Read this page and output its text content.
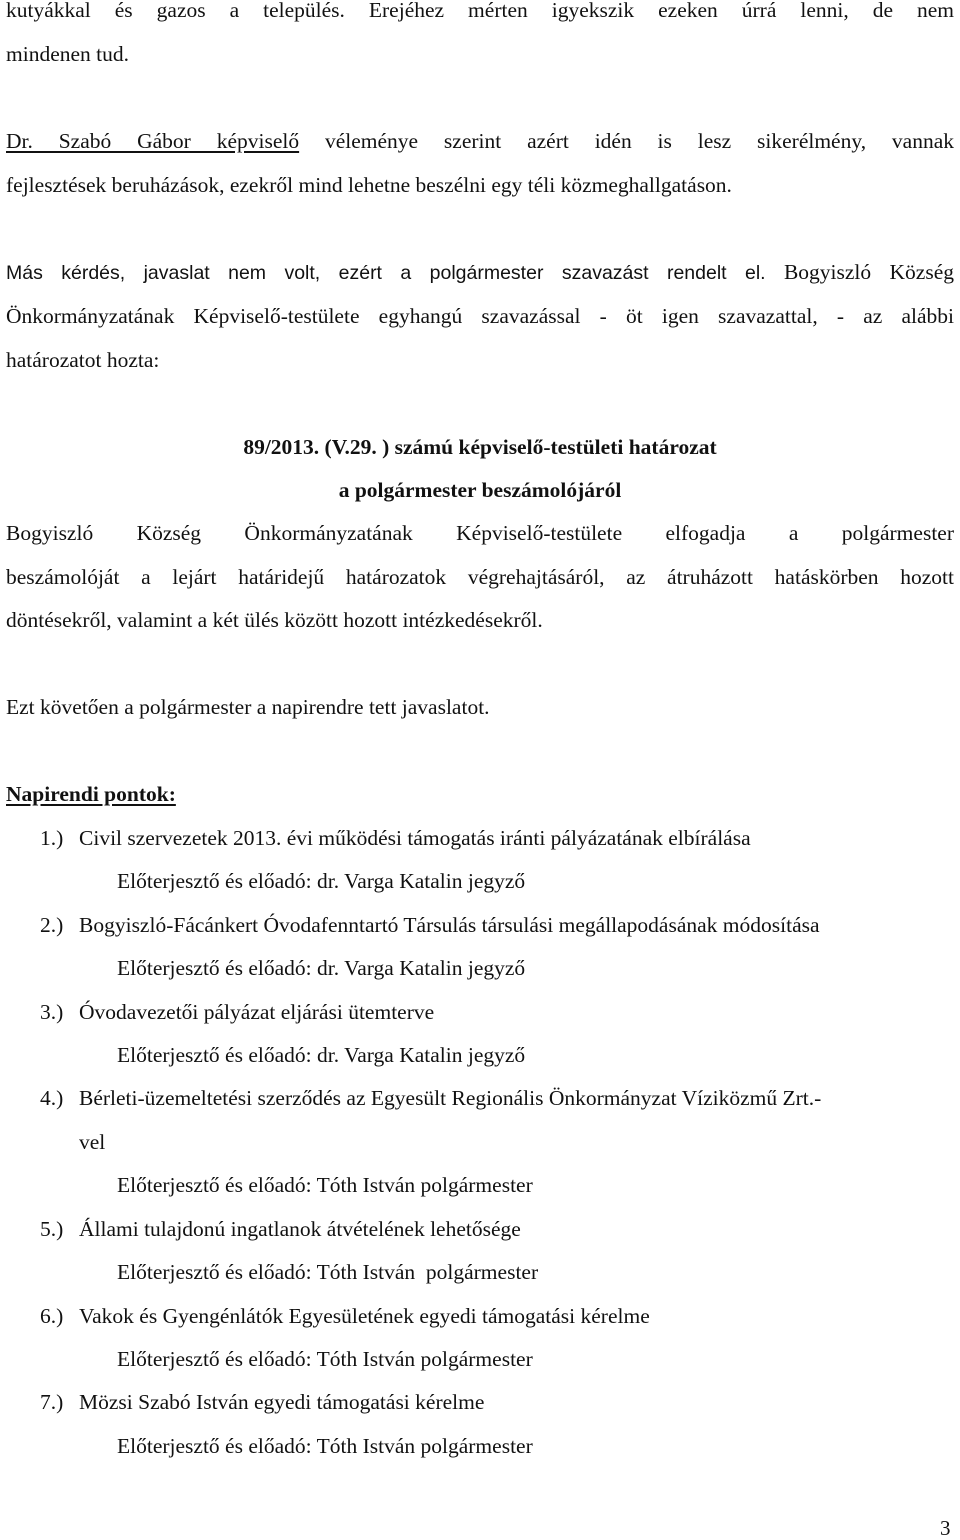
kutyákkal és gazos a település. Erejéhez mérten igyekszik ezeken úrrá lenni, de nem
mindenen tud.
Dr. Szabó Gábor képviselő véleménye szerint azért idén is lesz sikerélmény, vannak
fejlesztések beruházások, ezekről mind lehetne beszélni egy téli közmeghallgatáson.
Más kérdés, javaslat nem volt, ezért a polgármester szavazást rendelt el. Bogyiszló Község
Önkormányzatának Képviselő-testülete egyhangú szavazással - öt igen szavazattal, - az alábbi
határozatot hozta:
89/2013. (V.29. ) számú képviselő-testületi határozat
a polgármester beszámolójáról
Bogyiszló Község Önkormányzatának Képviselő-testülete elfogadja a polgármester
beszámolóját a lejárt határidejű határozatok végrehajtásáról, az átruházott hatáskörben hozott
döntésekről, valamint a két ülés között hozott intézkedésekről.
Ezt követően a polgármester a napirendre tett javaslatot.
Napirendi pontok:
1.) Civil szervezetek 2013. évi működési támogatás iránti pályázatának elbírálása
Előterjesztő és előadó: dr. Varga Katalin jegyző
2.) Bogyiszló-Fácánkert Óvodafenntartó Társulás társulási megállapodásának módosítása
Előterjesztő és előadó: dr. Varga Katalin jegyző
3.) Óvodavezetői pályázat eljárási ütemterve
Előterjesztő és előadó: dr. Varga Katalin jegyző
4.) Bérleti-üzemeltetési szerződés az Egyesült Regionális Önkormányzat Víziközmű Zrt.-
vel
Előterjesztő és előadó: Tóth István polgármester
5.) Állami tulajdonú ingatlanok átvételének lehetősége
Előterjesztő és előadó: Tóth István  polgármester
6.) Vakok és Gyengénlátók Egyesületének egyedi támogatási kérelme
Előterjesztő és előadó: Tóth István polgármester
7.) Mözsi Szabó István egyedi támogatási kérelme
Előterjesztő és előadó: Tóth István polgármester
3
